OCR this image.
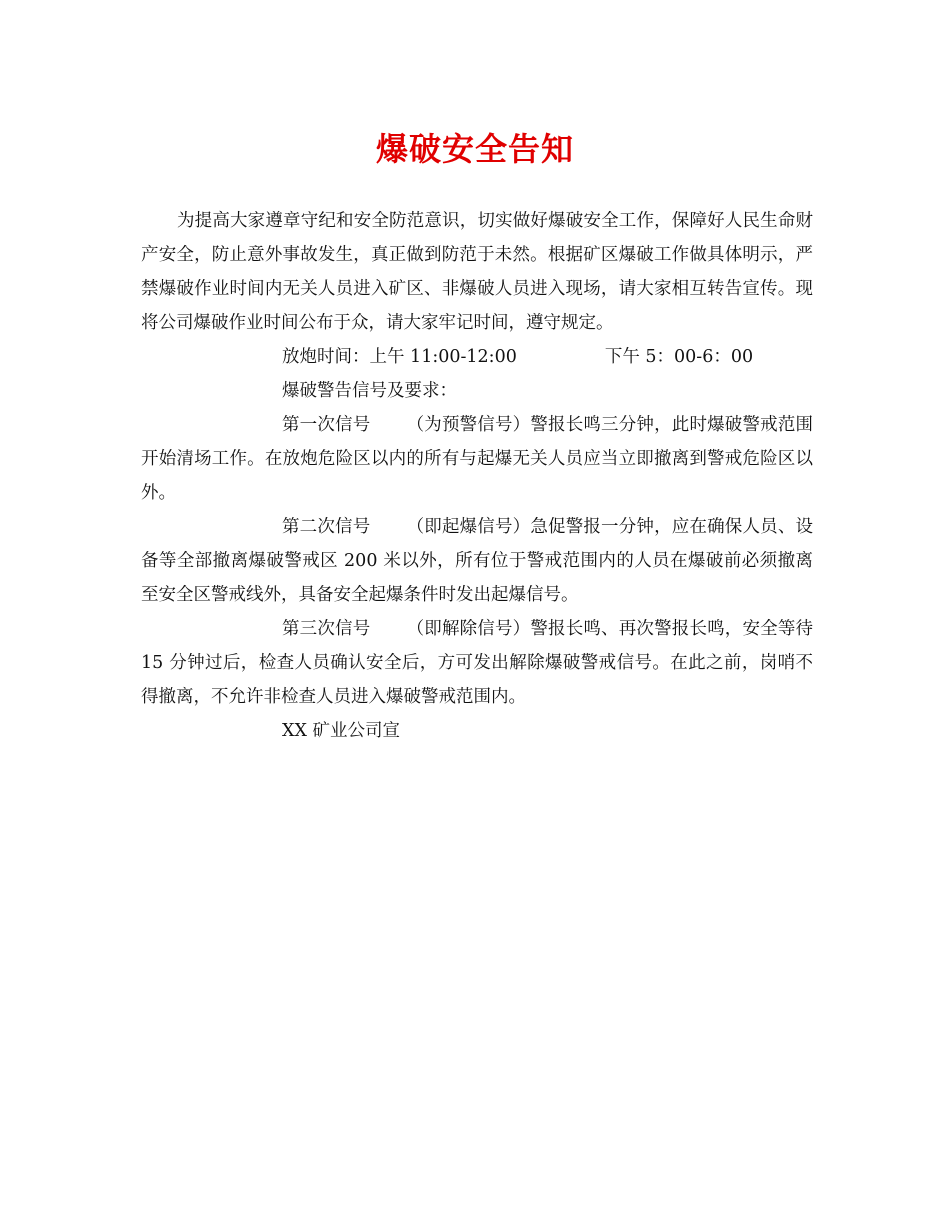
爆破安全告知

为提高大家遵章守纪和安全防范意识，切实做好爆破安全工作，保障好人民生命财产安全，防止意外事故发生，真正做到防范于未然。根据矿区爆破工作做具体明示，严禁爆破作业时间内无关人员进入矿区、非爆破人员进入现场，请大家相互转告宣传。现将公司爆破作业时间公布于众，请大家牢记时间，遵守规定。

放炮时间：上午 11:00-12:00	下午 5：00-6：00

爆破警告信号及要求：

第一次信号 （为预警信号）警报长鸣三分钟，此时爆破警戒范围开始清场工作。在放炮危险区以内的所有与起爆无关人员应当立即撤离到警戒危险区以外。

第二次信号 （即起爆信号）急促警报一分钟，应在确保人员、设备等全部撤离爆破警戒区 200 米以外，所有位于警戒范围内的人员在爆破前必须撤离至安全区警戒线外，具备安全起爆条件时发出起爆信号。

第三次信号 （即解除信号）警报长鸣、再次警报长鸣，安全等待 15 分钟过后，检查人员确认安全后，方可发出解除爆破警戒信号。在此之前，岗哨不得撤离，不允许非检查人员进入爆破警戒范围内。

XX 矿业公司宣
